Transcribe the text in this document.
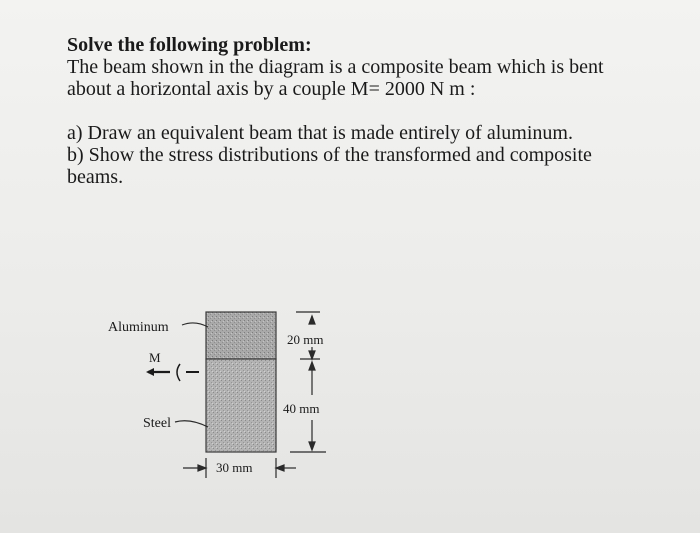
Solve the following problem:

The beam shown in the diagram is a composite beam which is bent

about a horizontal axis by a couple M= 2000 N m :

a) Draw an equivalent beam that is made entirely of aluminum.

b) Show the stress distributions of the transformed and composite

beams.

Aluminum
Steel
M
20 mm
40 mm
30 mm
